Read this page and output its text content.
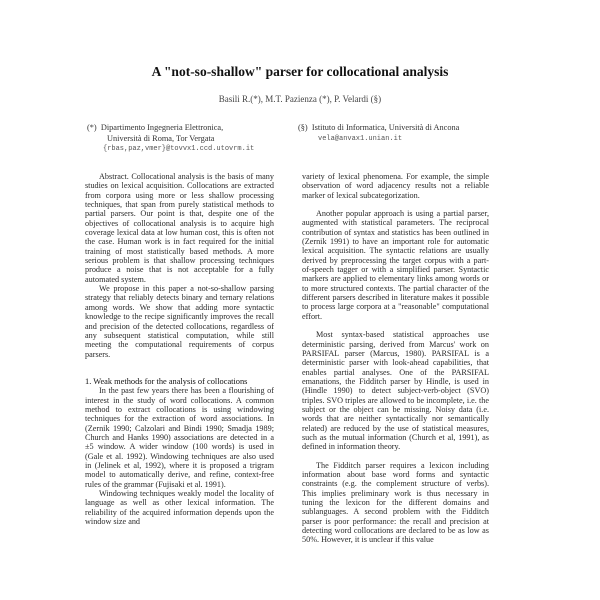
A "not-so-shallow" parser for collocational analysis
Basili R.(*), M.T. Pazienza (*), P. Velardi (§)
(*) Dipartimento Ingegneria Elettronica,
Università di Roma, Tor Vergata
{rbas,paz,vmer}@tovvx1.ccd.utovrm.it
(§) Istituto di Informatica, Università di Ancona
vela@anvax1.unian.it

Abstract. Collocational analysis is the basis of many studies on lexical acquisition. Collocations are extracted from corpora using more or less shallow processing techniques, that span from purely statistical methods to partial parsers. Our point is that, despite one of the objectives of collocational analysis is to acquire high coverage lexical data at low human cost, this is often not the case. Human work is in fact required for the initial training of most statistically based methods. A more serious problem is that shallow processing techniques produce a noise that is not acceptable for a fully automated system.

We propose in this paper a not-so-shallow parsing strategy that reliably detects binary and ternary relations among words. We show that adding more syntactic knowledge to the recipe significantly improves the recall and precision of the detected collocations, regardless of any subsequent statistical computation, while still meeting the computational requirements of corpus parsers.

1. Weak methods for the analysis of collocations

In the past few years there has been a flourishing of interest in the study of word collocations. A common method to extract collocations is using windowing techniques for the extraction of word associations. In (Zernik 1990; Calzolari and Bindi 1990; Smadja 1989; Church and Hanks 1990) associations are detected in a ±5 window. A wider window (100 words) is used in (Gale et al. 1992). Windowing techniques are also used in (Jelinek et al, 1992), where it is proposed a trigram model to automatically derive, and refine, context-free rules of the grammar (Fujisaki et al. 1991).

Windowing techniques weakly model the locality of language as well as other lexical information. The reliability of the acquired information depends upon the window size and

variety of lexical phenomena. For example, the simple observation of word adjacency results not a reliable marker of lexical subcategorization.

Another popular approach is using a partial parser, augmented with statistical parameters. The reciprocal contribution of syntax and statistics has been outlined in (Zernik 1991) to have an important role for automatic lexical acquisition. The syntactic relations are usually derived by preprocessing the target corpus with a part-of-speech tagger or with a simplified parser. Syntactic markers are applied to elementary links among words or to more structured contexts. The partial character of the different parsers described in literature makes it possible to process large corpora at a "reasonable" computational effort.

Most syntax-based statistical approaches use deterministic parsing, derived from Marcus' work on PARSIFAL parser (Marcus, 1980). PARSIFAL is a deterministic parser with look-ahead capabilities, that enables partial analyses. One of the PARSIFAL emanations, the Fidditch parser by Hindle, is used in (Hindle 1990) to detect subject-verb-object (SVO) triples. SVO triples are allowed to be incomplete, i.e. the subject or the object can be missing. Noisy data (i.e. words that are neither syntactically nor semantically related) are reduced by the use of statistical measures, such as the mutual information (Church et al, 1991), as defined in information theory.

The Fidditch parser requires a lexicon including information about base word forms and syntactic constraints (e.g. the complement structure of verbs). This implies preliminary work is thus necessary in tuning the lexicon for the different domains and sublanguages. A second problem with the Fidditch parser is poor performance: the recall and precision at detecting word collocations are declared to be as low as 50%. However, it is unclear if this value
